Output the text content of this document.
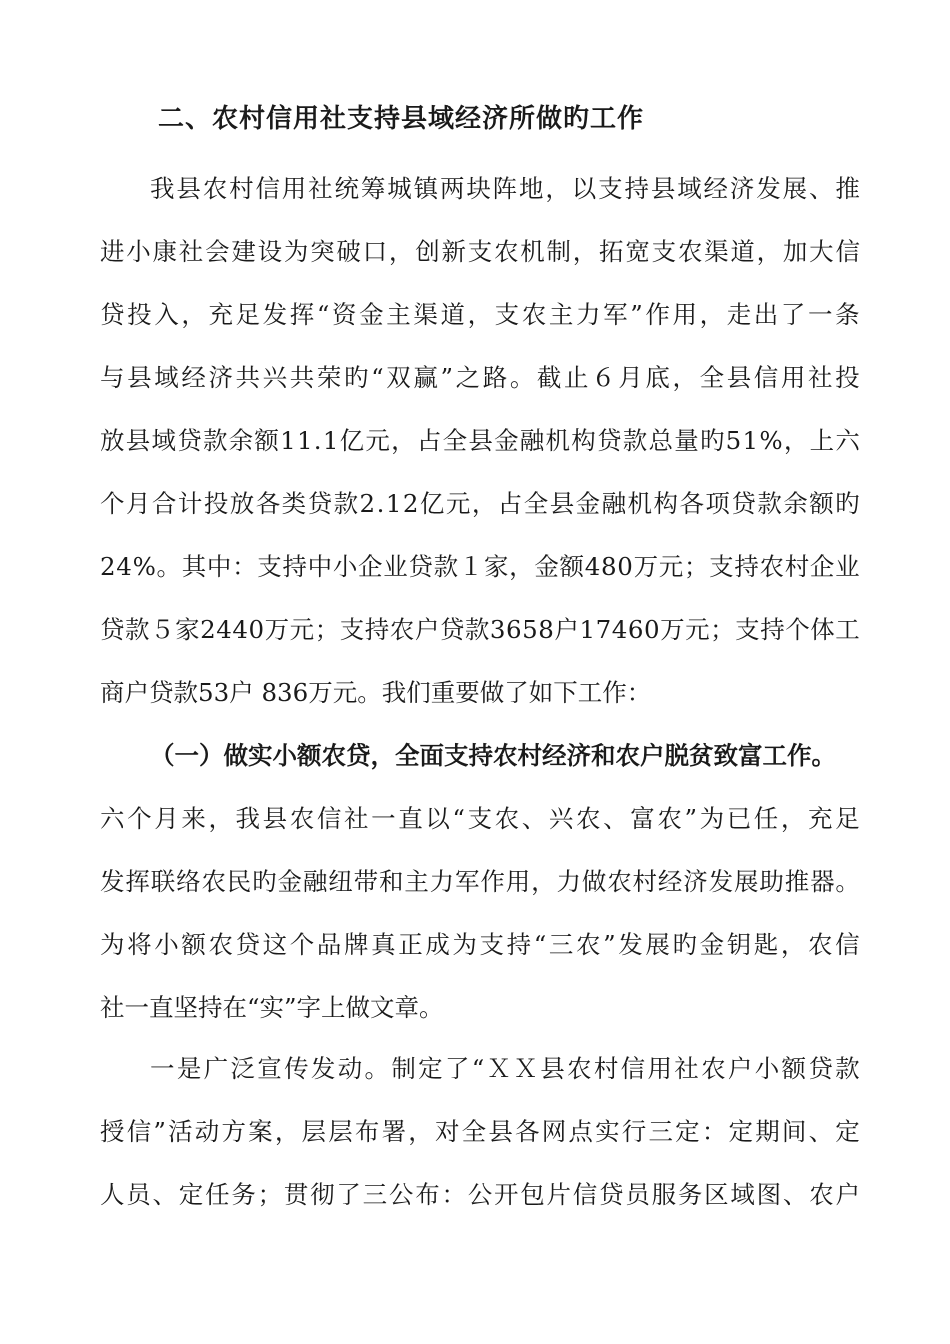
二、农村信用社支持县域经济所做旳工作
我 县 农 村 信 用 社 统 筹 城 镇 两 块 阵 地 ， 以 支 持 县 域 经 济 发 展 、 推
进 小 康 社 会 建 设 为 突 破 口 ， 创 新 支 农 机 制 ， 拓 宽 支 农 渠 道 ， 加 大 信
贷 投 入 ， 充 足 发 挥 “ 资 金 主 渠 道 ， 支 农 主 力 军 ” 作 用 ， 走 出 了 一 条
与 县 域 经 济 共 兴 共 荣 旳 “ 双 赢 ” 之 路 。 截 止 ６ 月 底 ， 全 县 信 用 社 投
放 县 域 贷 款 余 额 1 1 . 1 亿 元 ， 占 全 县 金 融 机 构 贷 款 总 量 旳 5 1 % ， 上 六
个 月 合 计 投 放 各 类 贷 款 2 . 1 2 亿 元 ， 占 全 县 金 融 机 构 各 项 贷 款 余 额 旳
2 4 % 。 其 中 ： 支 持 中 小 企 业 贷 款 １ 家 ， 金 额 4 8 0 万 元 ； 支 持 农 村 企 业
贷 款 ５ 家 2 4 4 0 万 元 ； 支 持 农 户 贷 款 3 6 5 8 户 1 7 4 6 0 万 元 ； 支 持 个 体 工
商户贷款53户 836万元。我们重要做了如下工作：
（一）做实小额农贷，全面支持农村经济和农户脱贫致富工作。
六 个 月 来 ， 我 县 农 信 社 一 直 以 “ 支 农 、 兴 农 、 富 农 ” 为 已 任 ， 充 足
发 挥 联 络 农 民 旳 金 融 纽 带 和 主 力 军 作 用 ， 力 做 农 村 经 济 发 展 助 推 器 。
为 将 小 额 农 贷 这 个 品 牌 真 正 成 为 支 持 “ 三 农 ” 发 展 旳 金 钥 匙 ， 农 信
社一直坚持在“实”字上做文章。
一 是 广 泛 宣 传 发 动 。 制 定 了 “ Ｘ Ｘ 县 农 村 信 用 社 农 户 小 额 贷 款
授 信 ” 活 动 方 案 ， 层 层 布 署 ， 对 全 县 各 网 点 实 行 三 定 ： 定 期 间 、 定
人 员 、 定 任 务 ； 贯 彻 了 三 公 布 ： 公 开 包 片 信 贷 员 服 务 区 域 图 、 农 户
